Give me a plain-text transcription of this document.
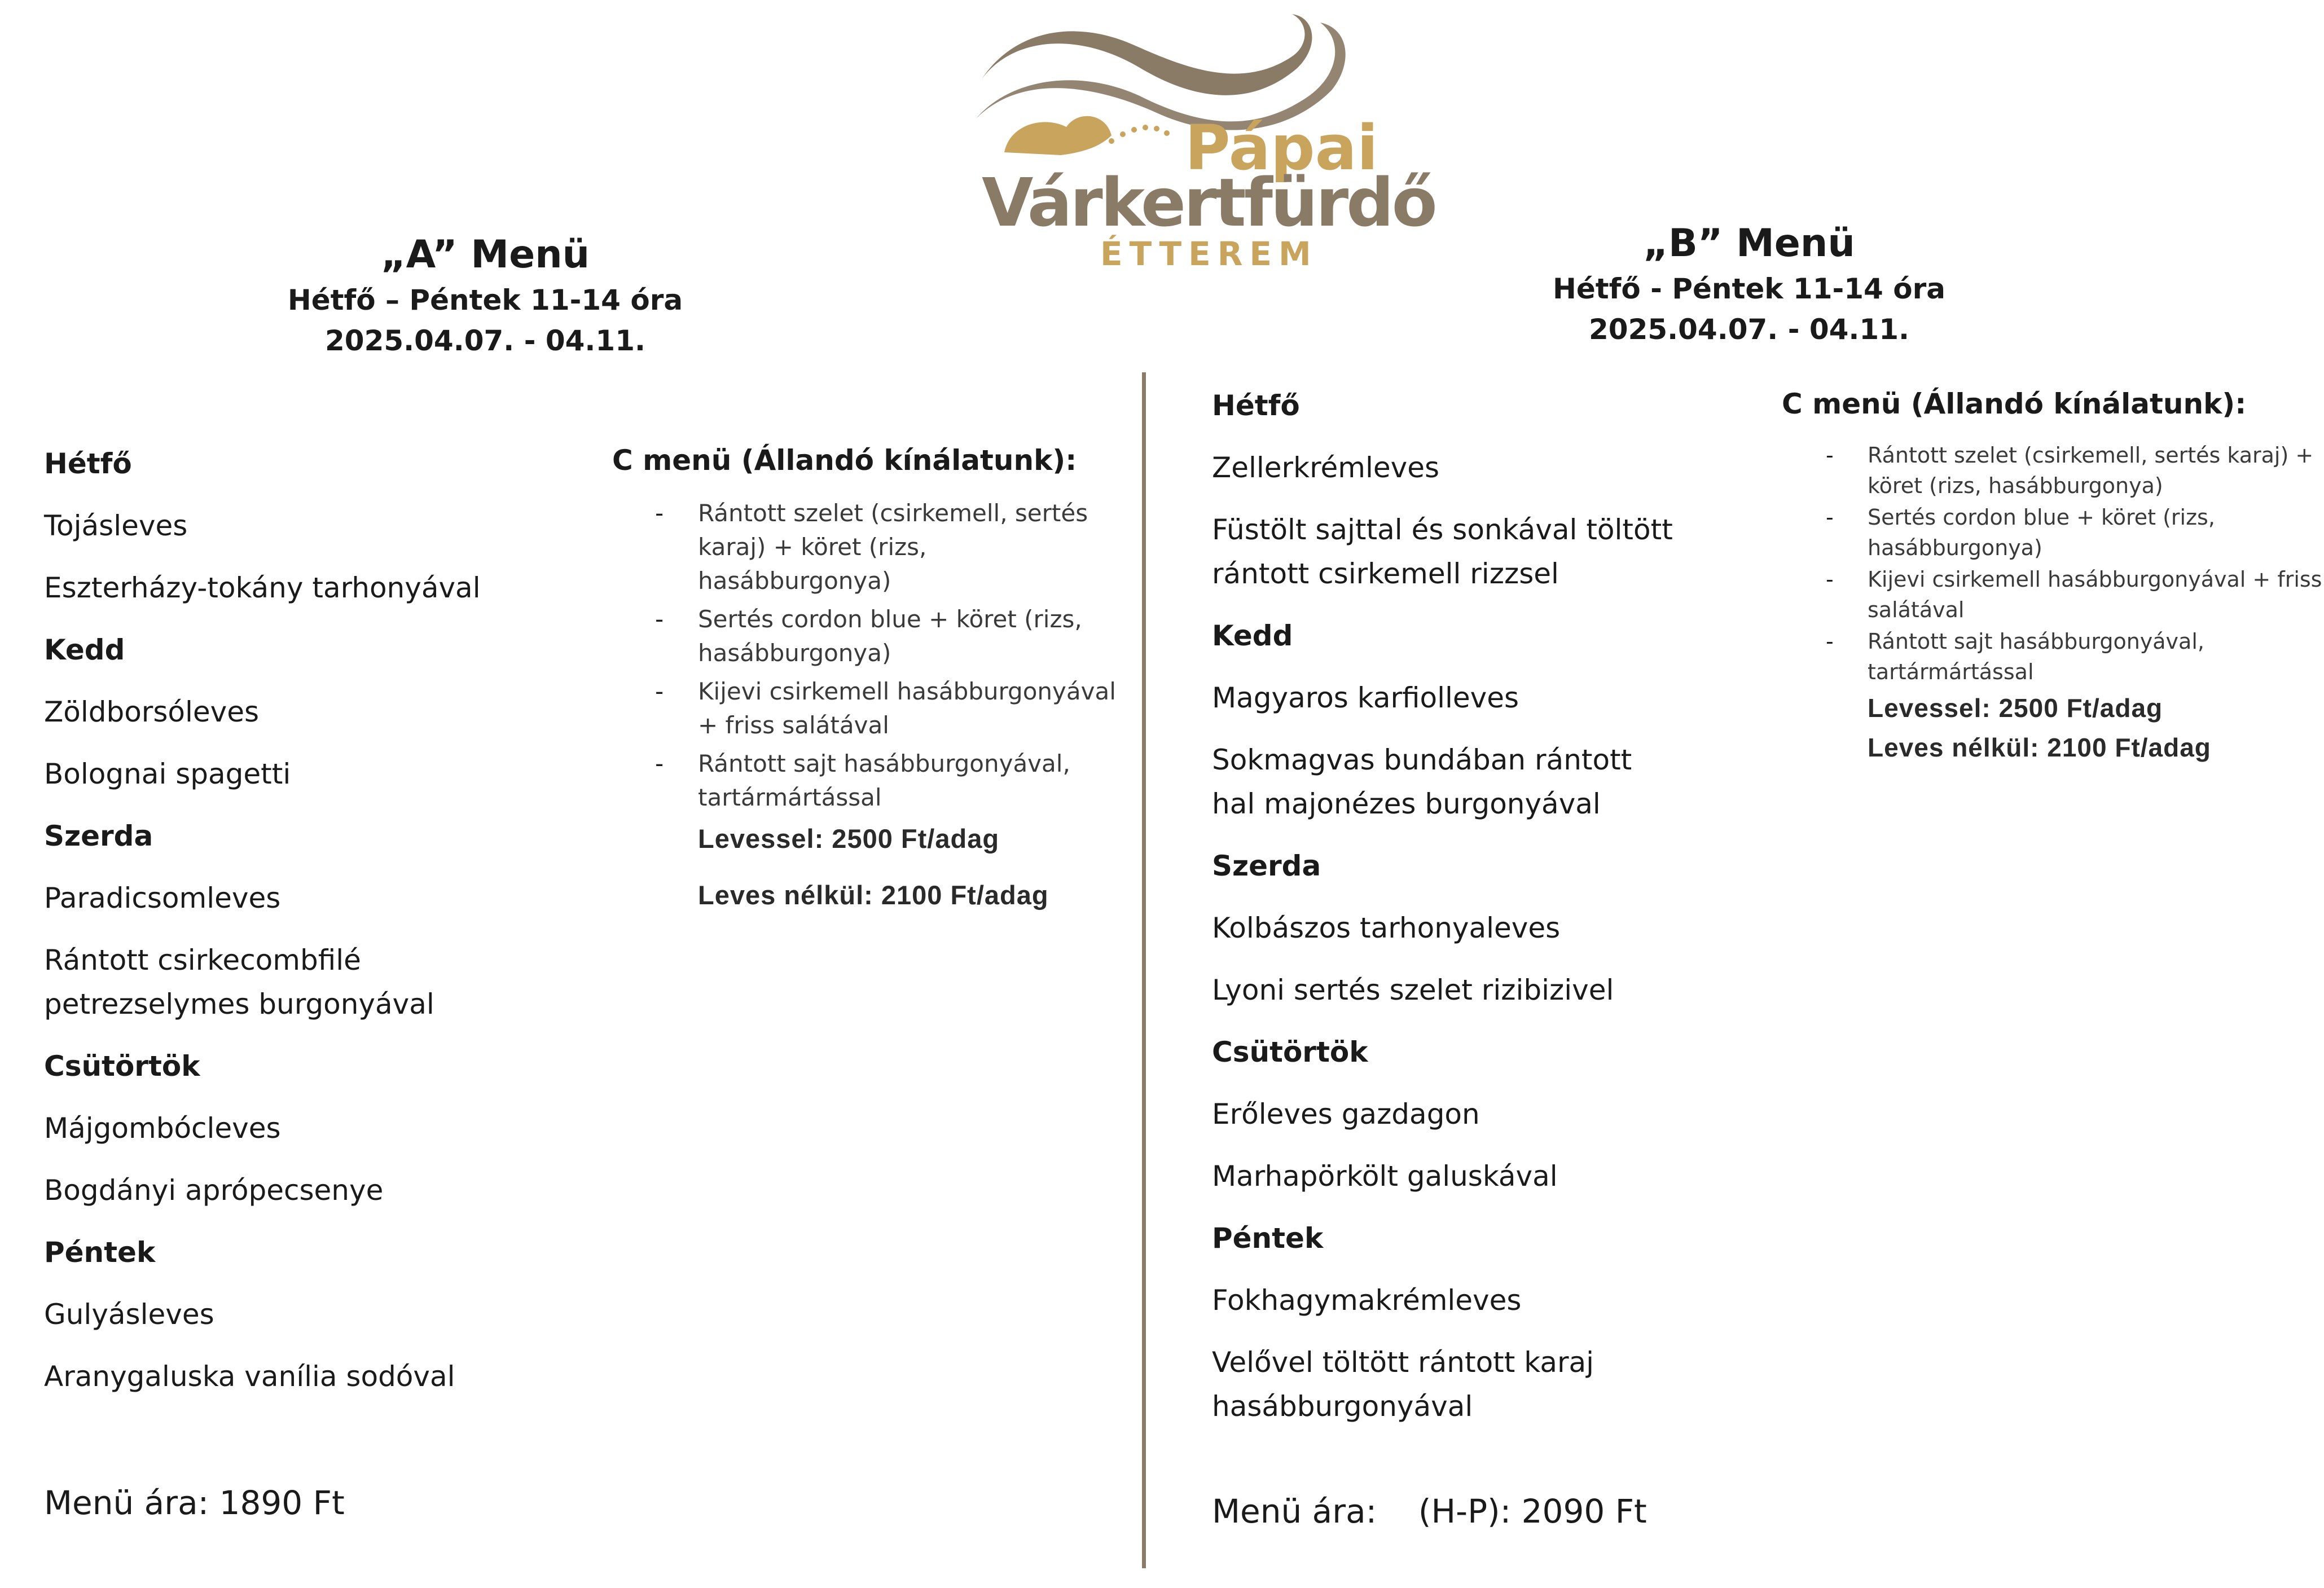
Pápai
Várkertfürdő
ÉTTEREM
„A” Menü
Hétfő – Péntek 11-14 óra
2025.04.07. - 04.11.
„B” Menü
Hétfő - Péntek 11-14 óra
2025.04.07. - 04.11.
Hétfő
Tojásleves
Eszterházy-tokány tarhonyával
Kedd
Zöldborsóleves
Bolognai spagetti
Szerda
Paradicsomleves
Rántott csirkecombfilé petrezselymes burgonyával
Csütörtök
Májgombócleves
Bogdányi aprópecsenye
Péntek
Gulyásleves
Aranygaluska vanília sodóval
Menü ára: 1890 Ft
C menü (Állandó kínálatunk):
- Rántott szelet (csirkemell, sertés karaj) + köret (rizs, hasábburgonya)
- Sertés cordon blue + köret (rizs, hasábburgonya)
- Kijevi csirkemell hasábburgonyával + friss salátával
- Rántott sajt hasábburgonyával, tartármártással
Levessel: 2500 Ft/adag
Leves nélkül: 2100 Ft/adag
Hétfő
Zellerkrémleves
Füstölt sajttal és sonkával töltött rántott csirkemell rizzsel
Kedd
Magyaros karfiolleves
Sokmagvas bundában rántott hal majonézes burgonyával
Szerda
Kolbászos tarhonyaleves
Lyoni sertés szelet rizibizivel
Csütörtök
Erőleves gazdagon
Marhapörkölt galuskával
Péntek
Fokhagymakrémleves
Velővel töltött rántott karaj hasábburgonyával
Menü ára:    (H-P): 2090 Ft
C menü (Állandó kínálatunk):
- Rántott szelet (csirkemell, sertés karaj) + köret (rizs, hasábburgonya)
- Sertés cordon blue + köret (rizs, hasábburgonya)
- Kijevi csirkemell hasábburgonyával + friss salátával
- Rántott sajt hasábburgonyával, tartármártással
Levessel: 2500 Ft/adag
Leves nélkül: 2100 Ft/adag
